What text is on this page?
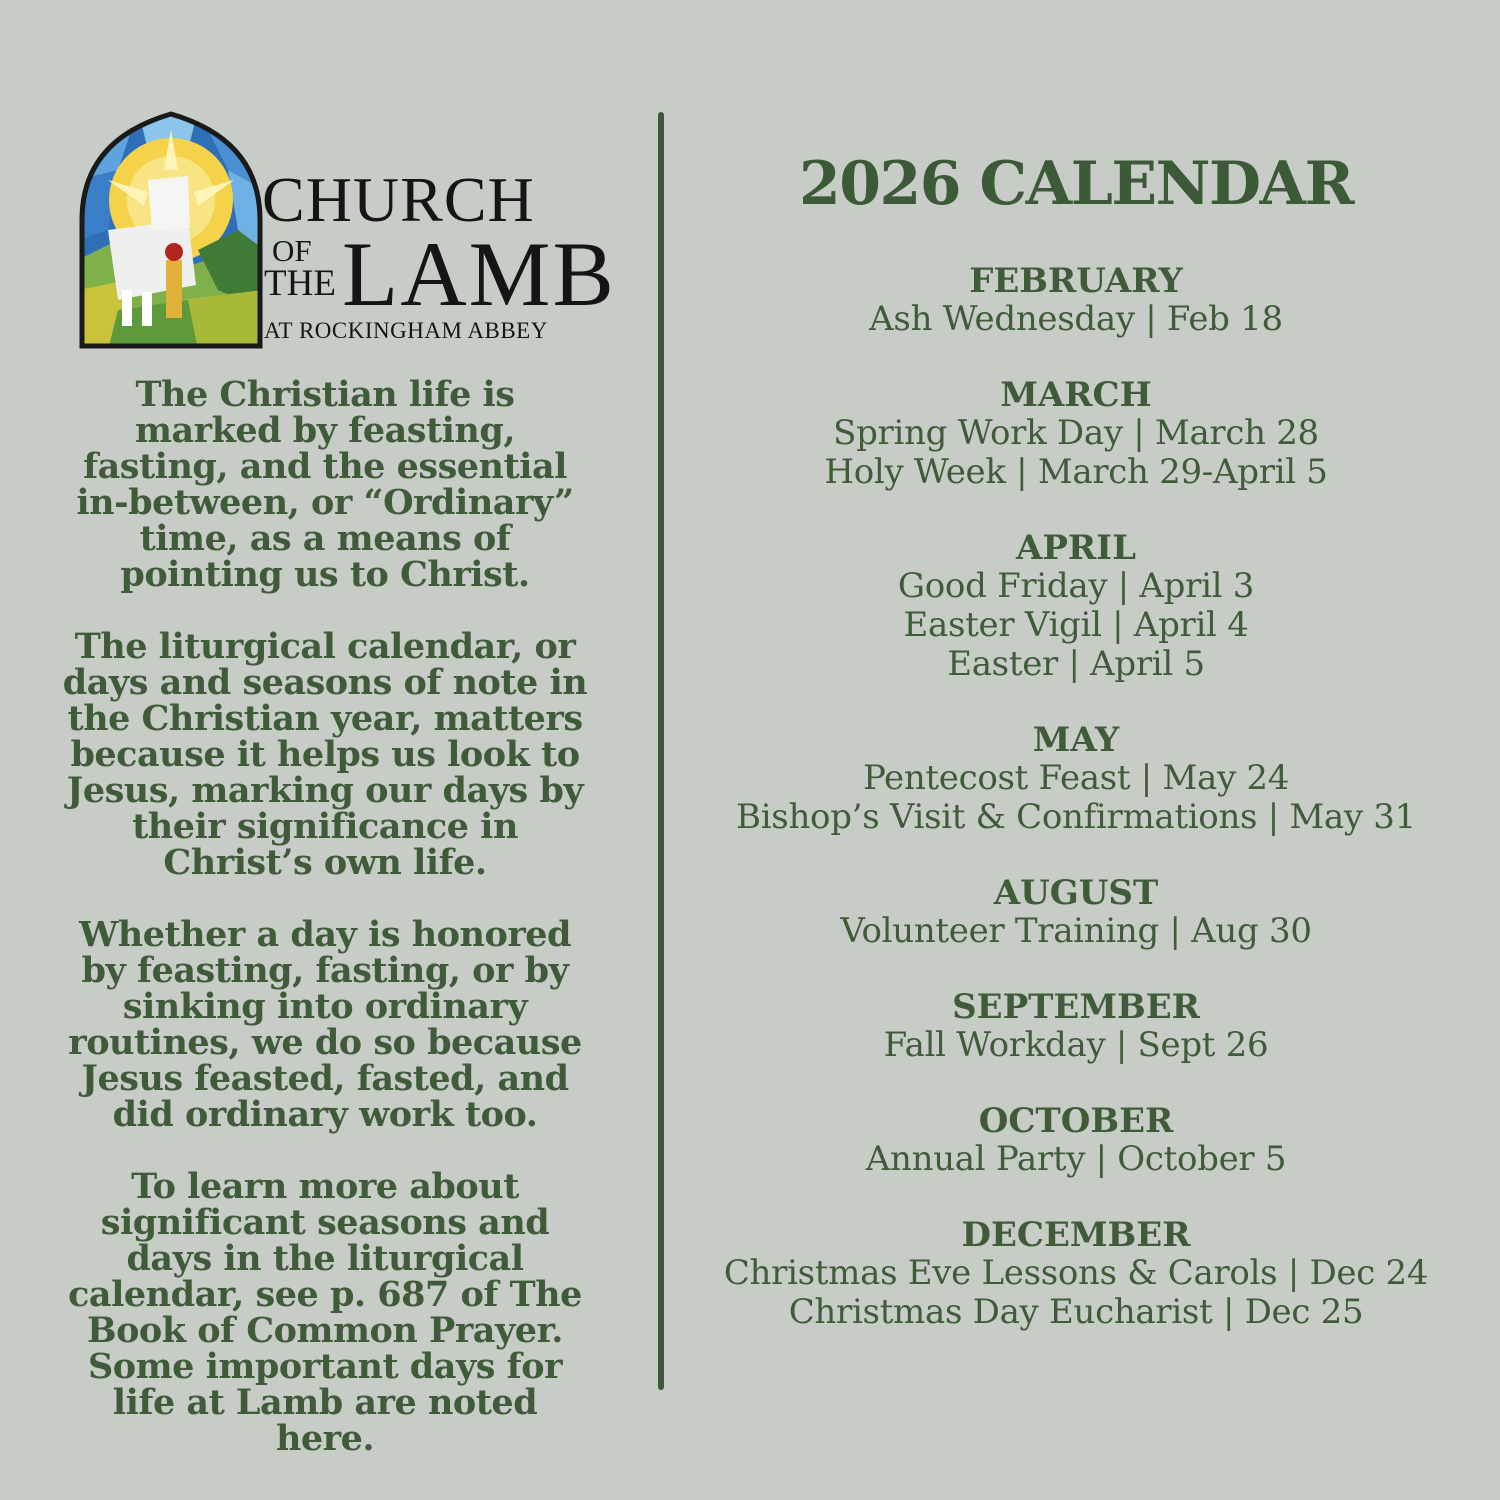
CHURCH
OF
THE LAMB
AT ROCKINGHAM ABBEY

The Christian life is marked by feasting, fasting, and the essential in-between, or “Ordinary” time, as a means of pointing us to Christ.

The liturgical calendar, or days and seasons of note in the Christian year, matters because it helps us look to Jesus, marking our days by their significance in Christ’s own life.

Whether a day is honored by feasting, fasting, or by sinking into ordinary routines, we do so because Jesus feasted, fasted, and did ordinary work too.

To learn more about significant seasons and days in the liturgical calendar, see p. 687 of The Book of Common Prayer. Some important days for life at Lamb are noted here.

2026 CALENDAR
FEBRUARY
Ash Wednesday | Feb 18
MARCH
Spring Work Day | March 28
Holy Week | March 29-April 5
APRIL
Good Friday | April 3
Easter Vigil | April 4
Easter | April 5
MAY
Pentecost Feast | May 24
Bishop’s Visit & Confirmations | May 31
AUGUST
Volunteer Training | Aug 30
SEPTEMBER
Fall Workday | Sept 26
OCTOBER
Annual Party | October 5
DECEMBER
Christmas Eve Lessons & Carols | Dec 24
Christmas Day Eucharist | Dec 25
